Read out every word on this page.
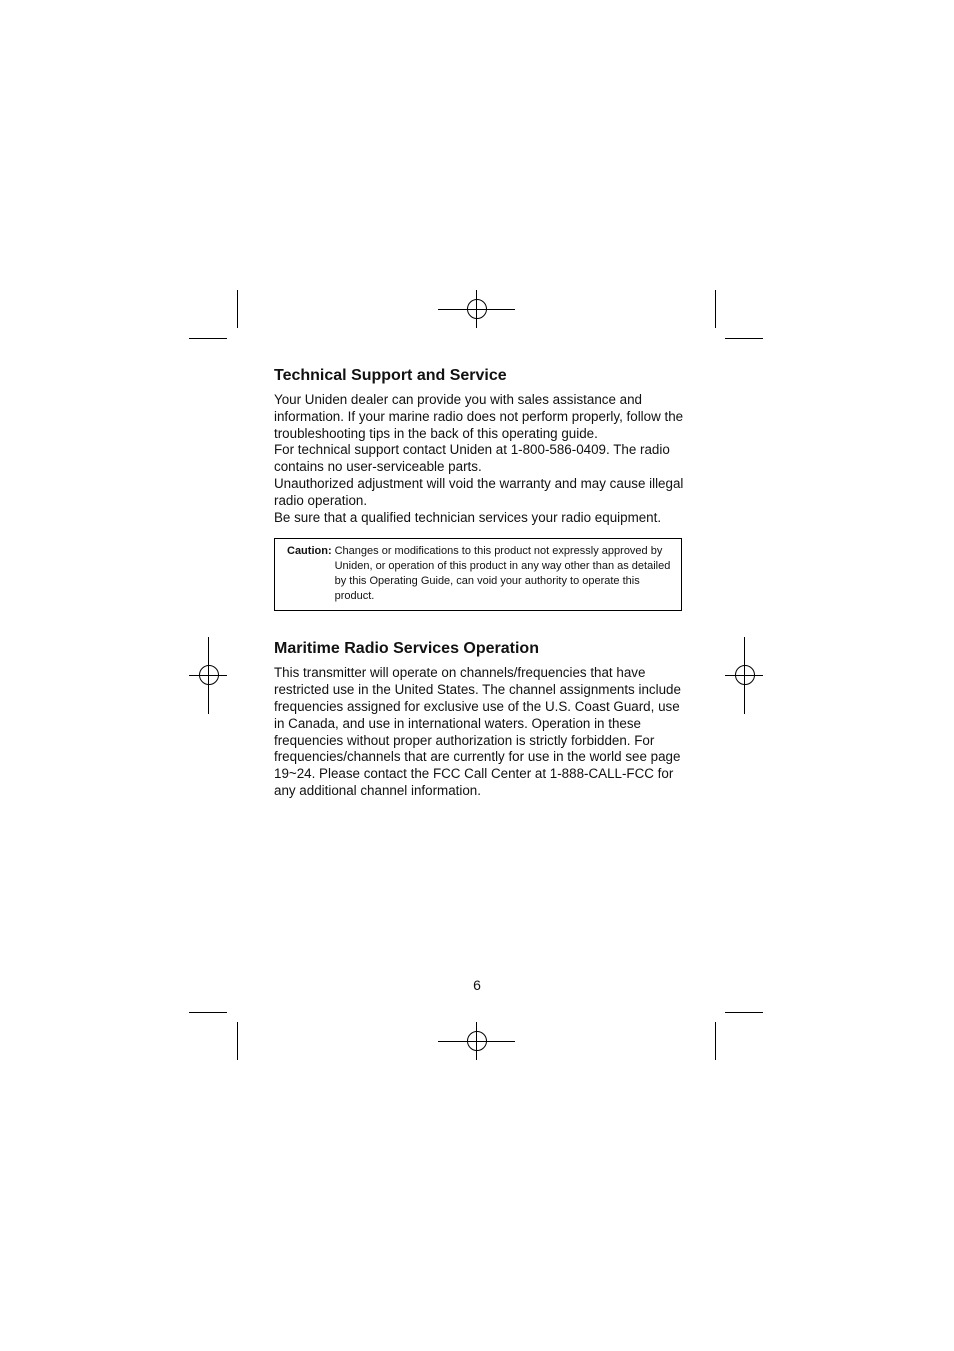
Technical Support and Service

Your Uniden dealer can provide you with sales assistance and information. If your marine radio does not perform properly, follow the troubleshooting tips in the back of this operating guide.

For technical support contact Uniden at 1-800-586-0409. The radio contains no user-serviceable parts.

Unauthorized adjustment will void the warranty and may cause illegal radio operation.

Be sure that a qualified technician services your radio equipment.

Caution: Changes or modifications to this product not expressly approved by Uniden, or operation of this product in any way other than as detailed by this Operating Guide, can void your authority to operate this product.
Maritime Radio Services Operation

This transmitter will operate on channels/frequencies that have restricted use in the United States. The channel assignments include frequencies assigned for exclusive use of the U.S. Coast Guard, use in Canada, and use in international waters. Operation in these frequencies without proper authorization is strictly forbidden. For frequencies/channels that are currently for use in the world see page 19~24. Please contact the FCC Call Center at 1-888-CALL-FCC for any additional channel information.

6
